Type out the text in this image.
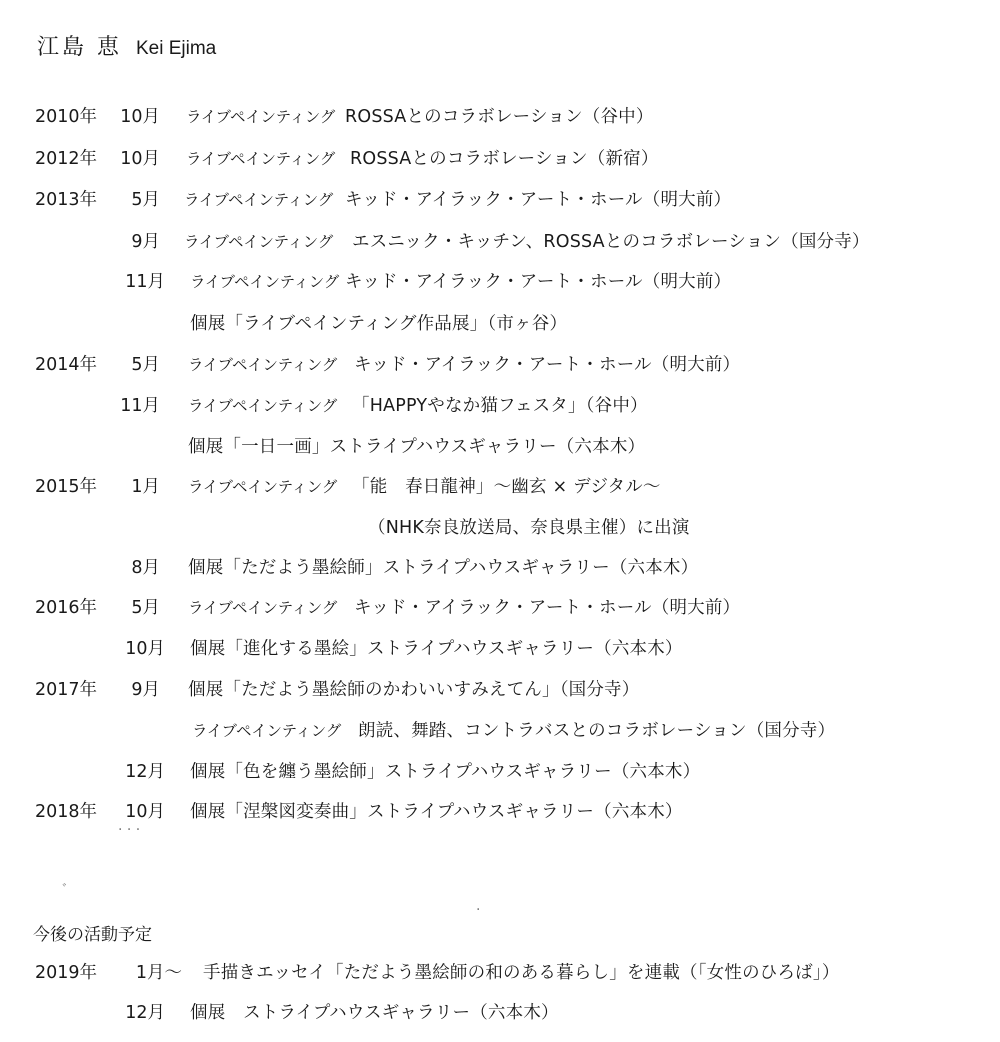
江島 恵 Kei Ejima
2010年	10月 ライブペインティング ROSSAとのコラボレーション（谷中）
2012年	10月 ライブペインティング ROSSAとのコラボレーション（新宿）
2013年	5月 ライブペインティング キッド・アイラック・アート・ホール（明大前）
9月 ライブペインティング エスニック・キッチン、ROSSAとのコラボレーション（国分寺）
11月 ライブペインティング キッド・アイラック・アート・ホール（明大前）
個展「ライブペインティング作品展」（市ヶ谷）
2014年	5月 ライブペインティング キッド・アイラック・アート・ホール（明大前）
11月 ライブペインティング 「HAPPYやなか猫フェスタ」（谷中）
個展「一日一画」ストライプハウスギャラリー（六本木）
2015年	1月 ライブペインティング 「能　春日龍神」～幽玄 × デジタル～
（NHK奈良放送局、奈良県主催）に出演
8月 個展「ただよう墨絵師」ストライプハウスギャラリー（六本木）
2016年	5月 ライブペインティング キッド・アイラック・アート・ホール（明大前）
10月 個展「進化する墨絵」ストライプハウスギャラリー（六本木）
2017年	9月 個展「ただよう墨絵師のかわいいすみえてん」（国分寺）
ライブペインティング 朗読、舞踏、コントラバスとのコラボレーション（国分寺）
12月 個展「色を纏う墨絵師」ストライプハウスギャラリー（六本木）
2018年	10月 個展「涅槃図変奏曲」ストライプハウスギャラリー（六本木）
· · ·
ﾞ
·
今後の活動予定
2019年	1月～ 手描きエッセイ「ただよう墨絵師の和のある暮らし」を連載（「女性のひろば」）
12月 個展　ストライプハウスギャラリー（六本木）
